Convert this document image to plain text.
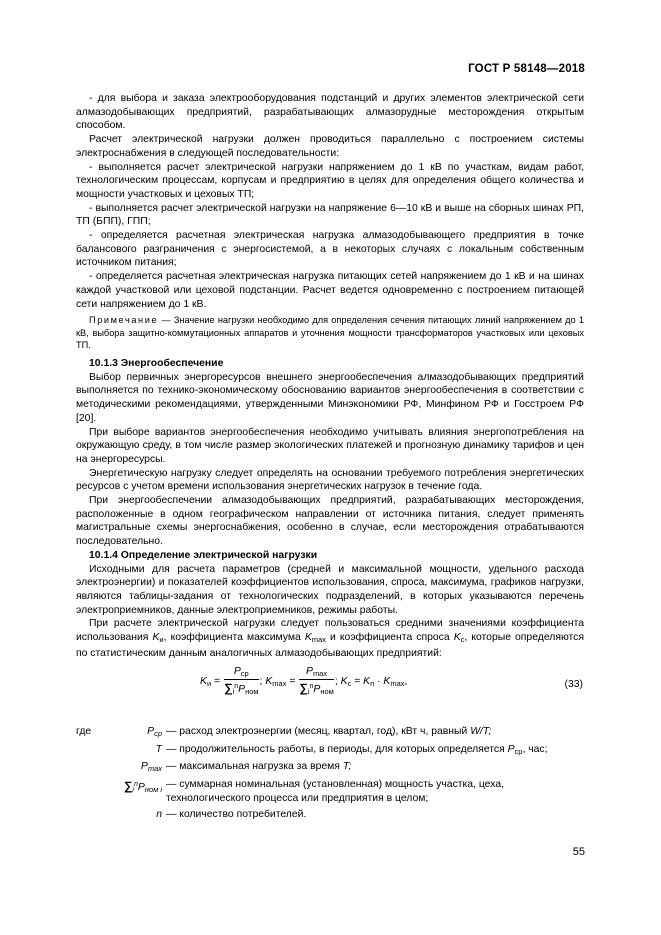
ГОСТ Р 58148—2018

- для выбора и заказа электрооборудования подстанций и других элементов электрической сети алмазодобывающих предприятий, разрабатывающих алмазорудные месторождения открытым способом.

Расчет электрической нагрузки должен проводиться параллельно с построением системы электроснабжения в следующей последовательности:

- выполняется расчет электрической нагрузки напряжением до 1 кВ по участкам, видам работ, технологическим процессам, корпусам и предприятию в целях для определения общего количества и мощности участковых и цеховых ТП;

- выполняется расчет электрической нагрузки на напряжение 6—10 кВ и выше на сборных шинах РП, ТП (БПП), ГПП;

- определяется расчетная электрическая нагрузка алмазодобывающего предприятия в точке балансового разграничения с энергосистемой, а в некоторых случаях с локальным собственным источником питания;

- определяется расчетная электрическая нагрузка питающих сетей напряжением до 1 кВ и на шинах каждой участковой или цеховой подстанции. Расчет ведется одновременно с построением питающей сети напряжением до 1 кВ.

Примечание — Значение нагрузки необходимо для определения сечения питающих линий напряжением до 1 кВ, выбора защитно-коммутационных аппаратов и уточнения мощности трансформаторов участковых или цеховых ТП.

10.1.3 Энергообеспечение

Выбор первичных энергоресурсов внешнего энергообеспечения алмазодобывающих предприятий выполняется по технико-экономическому обоснованию вариантов энергообеспечения в соответствии с методическими рекомендациями, утвержденными Минэкономики РФ, Минфином РФ и Госстроем РФ [20].

При выборе вариантов энергообеспечения необходимо учитывать влияния энергопотребления на окружающую среду, в том числе размер экологических платежей и прогнозную динамику тарифов и цен на энергоресурсы.

Энергетическую нагрузку следует определять на основании требуемого потребления энергетических ресурсов с учетом времени использования энергетических нагрузок в течение года.

При энергообеспечении алмазодобывающих предприятий, разрабатывающих месторождения, расположенные в одном географическом направлении от источника питания, следует применять магистральные схемы энергоснабжения, особенно в случае, если месторождения отрабатываются последовательно.

10.1.4 Определение электрической нагрузки

Исходными для расчета параметров (средней и максимальной мощности, удельного расхода электроэнергии) и показателей коэффициентов использования, спроса, максимума, графиков нагрузки, являются таблицы-задания от технологических подразделений, в которых указываются перечень электроприемников, данные электроприемников, режимы работы.

При расчете электрической нагрузки следует пользоваться средними значениями коэффициента использования $K_и$, коэффициента максимума $K_{max}$ и коэффициента спроса $K_c$, которые определяются по статистическим данным аналогичных алмазодобывающих предприятий:

$K_и = \frac{P_{ср}}{\sum_i^nP_{ном}}$ ; $K_{max} = \frac{P_{max}}{\sum_i^nP_{ном}}$ ; $K_c = K_п \cdot K_{max}$,	(33)
где	$P_{ср}$ — расход электроэнергии (месяц, квартал, год), кВт ч, равный W/T;
T — продолжительность работы, в периоды, для которых определяется $P_{ср}$, час;
$P_{max}$ — максимальная нагрузка за время T;
$\sum_i^nP_{ном i}$ — суммарная номинальная (установленная) мощность участка, цеха, технологического процесса или предприятия в целом;
n — количество потребителей.
55
